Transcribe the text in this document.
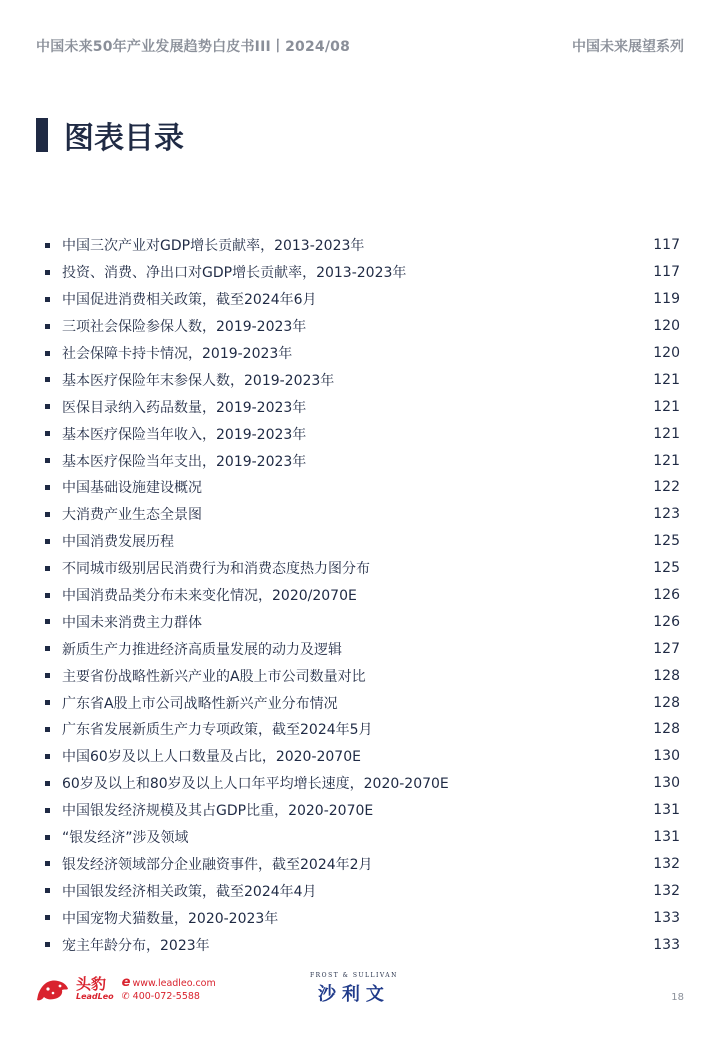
中国未来50年产业发展趋势白皮书III丨2024/08	中国未来展望系列
图表目录
中国三次产业对GDP增长贡献率，2013-2023年	117
投资、消费、净出口对GDP增长贡献率，2013-2023年	117
中国促进消费相关政策，截至2024年6月	119
三项社会保险参保人数，2019-2023年	120
社会保障卡持卡情况，2019-2023年	120
基本医疗保险年末参保人数，2019-2023年	121
医保目录纳入药品数量，2019-2023年	121
基本医疗保险当年收入，2019-2023年	121
基本医疗保险当年支出，2019-2023年	121
中国基础设施建设概况	122
大消费产业生态全景图	123
中国消费发展历程	125
不同城市级别居民消费行为和消费态度热力图分布	125
中国消费品类分布未来变化情况，2020/2070E	126
中国未来消费主力群体	126
新质生产力推进经济高质量发展的动力及逻辑	127
主要省份战略性新兴产业的A股上市公司数量对比	128
广东省A股上市公司战略性新兴产业分布情况	128
广东省发展新质生产力专项政策，截至2024年5月	128
中国60岁及以上人口数量及占比，2020-2070E	130
60岁及以上和80岁及以上人口年平均增长速度，2020-2070E	130
中国银发经济规模及其占GDP比重，2020-2070E	131
“银发经济”涉及领域	131
银发经济领域部分企业融资事件，截至2024年2月	132
中国银发经济相关政策，截至2024年4月	132
中国宠物犬猫数量，2020-2023年	133
宠主年龄分布，2023年	133
头豹
LeadLeo
e www.leadleo.com
✆ 400-072-5588
FROST & SULLIVAN
沙利文	18
